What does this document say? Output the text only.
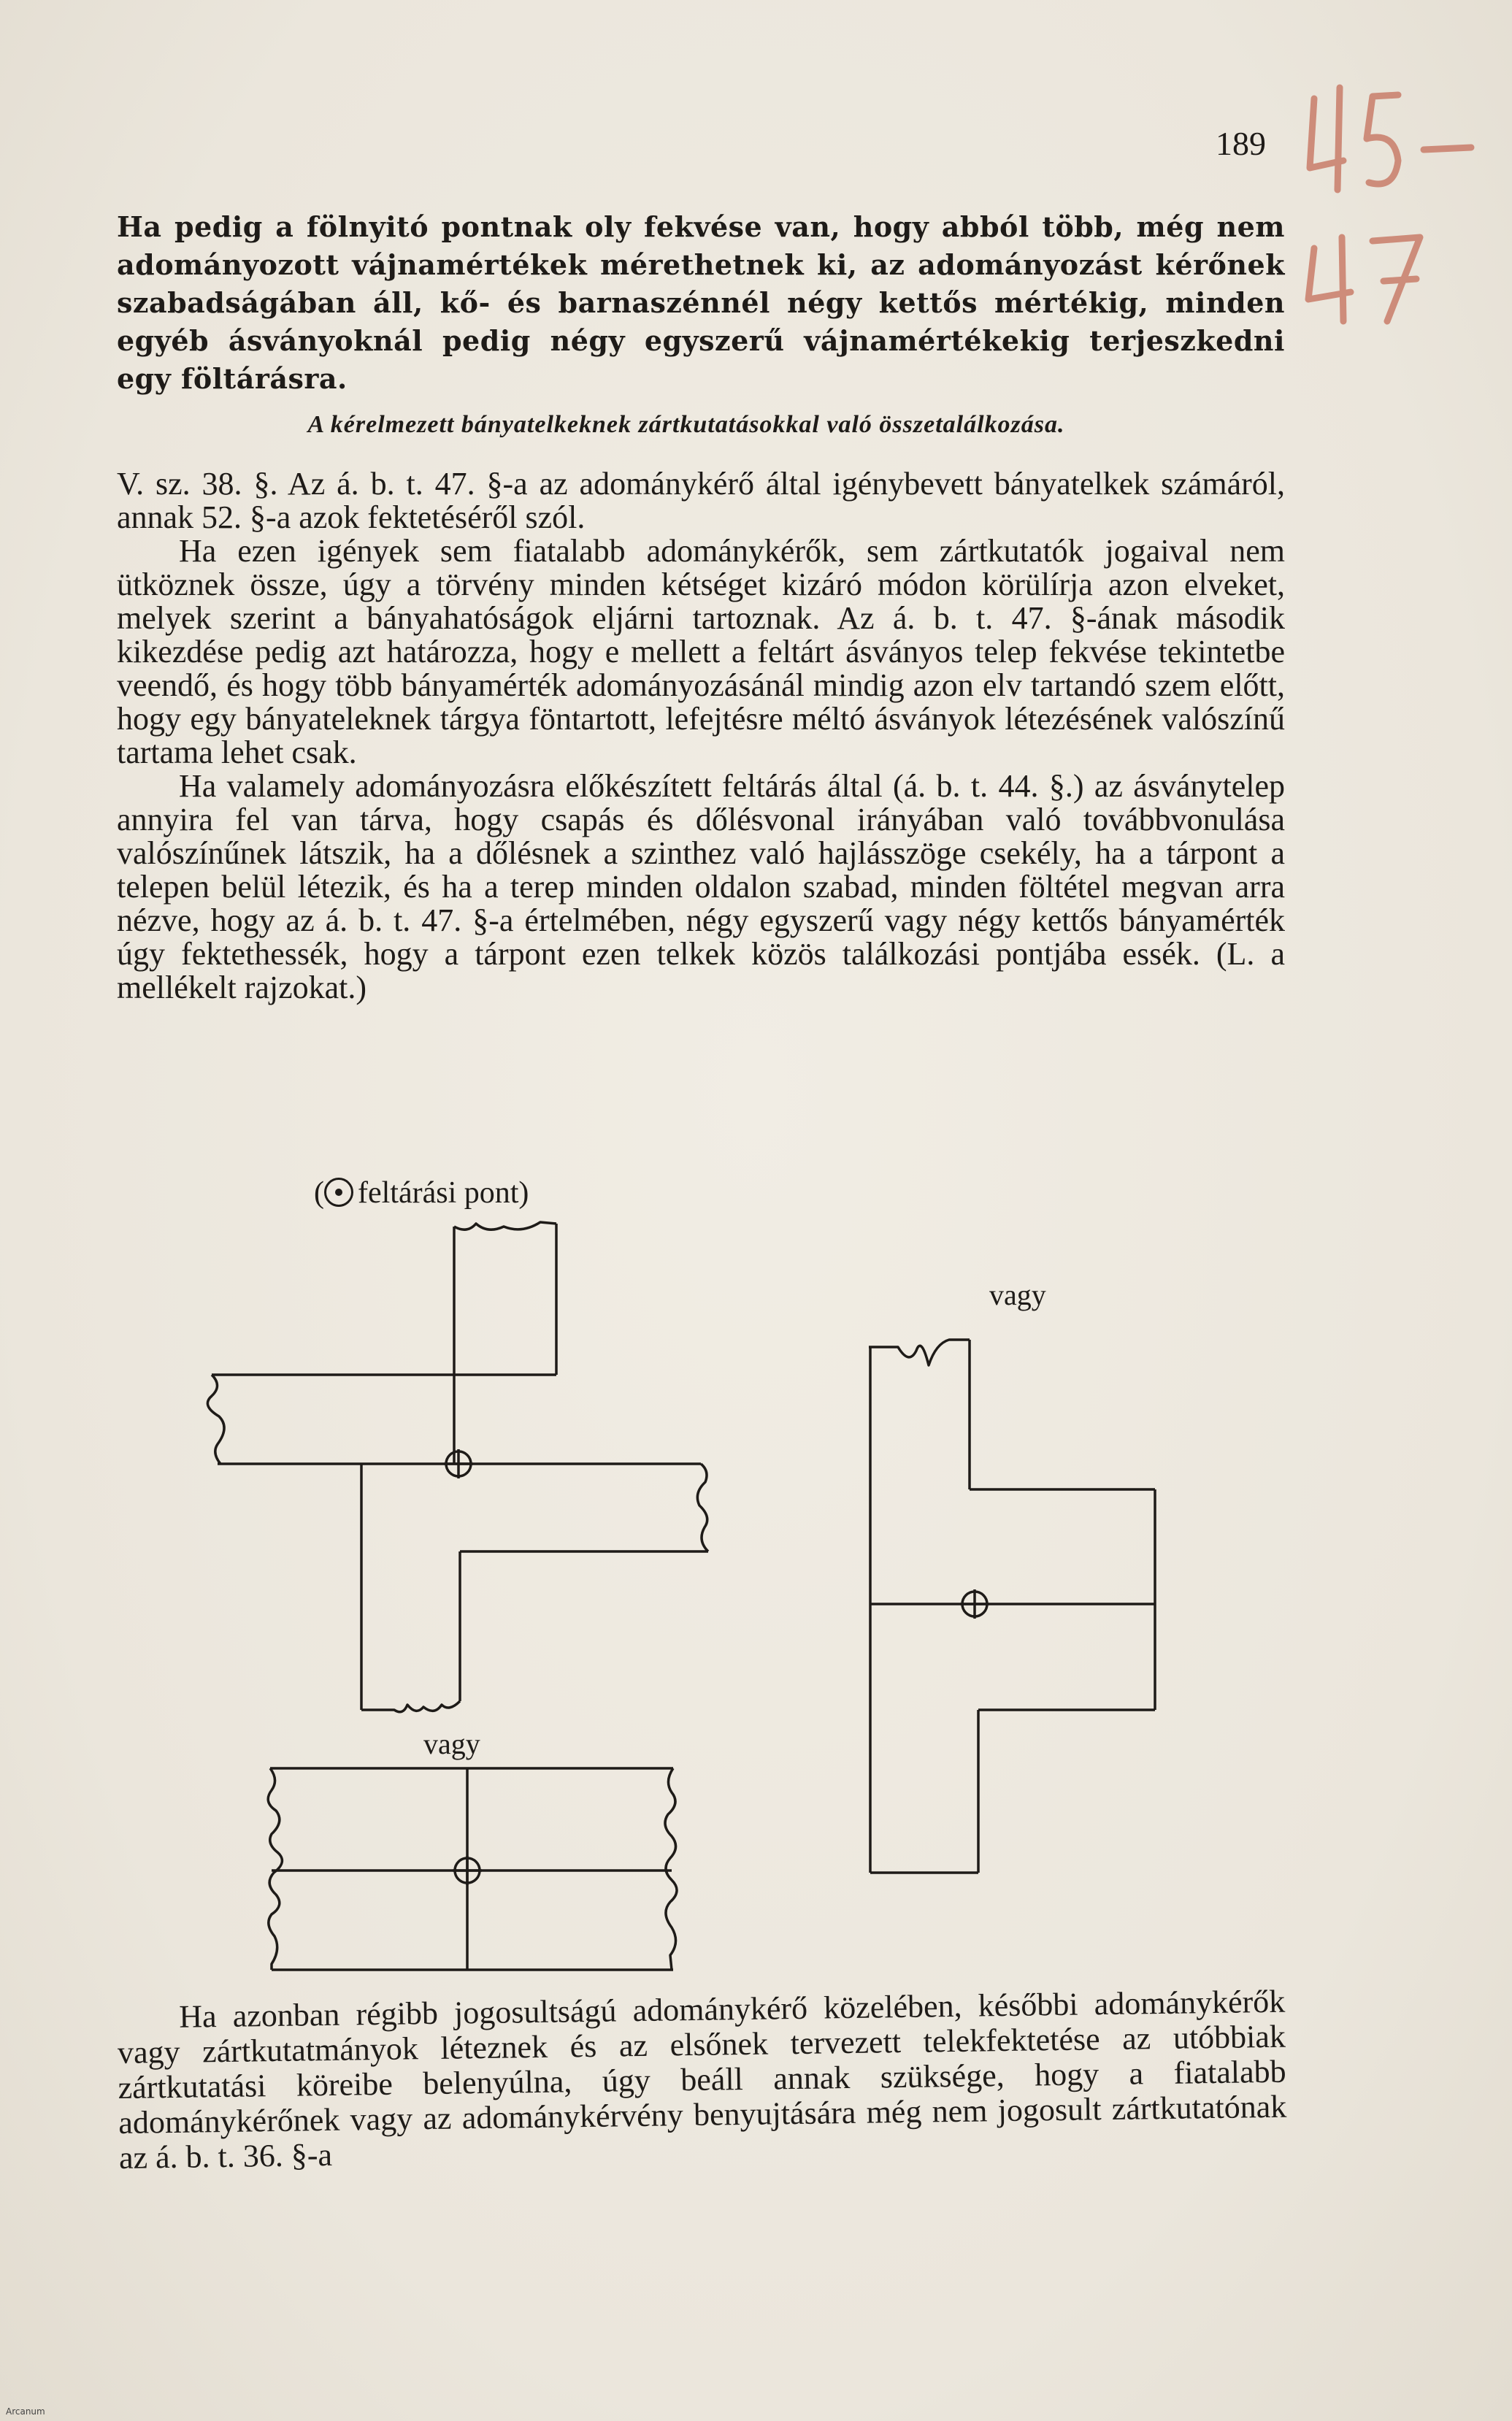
189
Ha pedig a fölnyitó pontnak oly fekvése van, hogy abból több, még nem adományozott vájnamértékek mérethetnek ki, az adományozást kérőnek szabadságában áll, kő- és barnaszénnél négy kettős mértékig, minden egyéb ásványoknál pedig négy egyszerű vájnamértékekig terjeszkedni egy föltárásra.
A kérelmezett bányatelkeknek zártkutatásokkal való összetalálkozása.

V. sz. 38. §. Az á. b. t. 47. §-a az adománykérő által igénybevett bányatelkek számáról, annak 52. §-a azok fektetéséről szól.

Ha ezen igények sem fiatalabb adománykérők, sem zártkutatók jogaival nem ütköznek össze, úgy a törvény minden kétséget kizáró módon körülírja azon elveket, melyek szerint a bányahatóságok eljárni tartoznak. Az á. b. t. 47. §-ának második kikezdése pedig azt határozza, hogy e mellett a feltárt ásványos telep fekvése tekintetbe veendő, és hogy több bányamérték adományozásánál mindig azon elv tartandó szem előtt, hogy egy bányateleknek tárgya föntartott, lefejtésre méltó ásványok létezésének valószínű tartama lehet csak.

Ha valamely adományozásra előkészített feltárás által (á. b. t. 44. §.) az ásványtelep annyira fel van tárva, hogy csapás és dőlésvonal irányában való továbbvonulása valószínűnek látszik, ha a dőlésnek a szinthez való hajlásszöge csekély, ha a tárpont a telepen belül létezik, és ha a terep minden oldalon szabad, minden föltétel megvan arra nézve, hogy az á. b. t. 47. §-a értelmében, négy egyszerű vagy négy kettős bányamérték úgy fektethessék, hogy a tárpont ezen telkek közös találkozási pontjába essék. (L. a mellékelt rajzokat.)

( feltárási pont)
vagy
vagy

Ha azonban régibb jogosultságú adománykérő közelében, későbbi adománykérők vagy zártkutatmányok léteznek és az elsőnek tervezett telekfektetése az utóbbiak zártkutatási köreibe belenyúlna, úgy beáll annak szüksége, hogy a fiatalabb adománykérőnek vagy az adománykérvény benyujtására még nem jogosult zártkutatónak az á. b. t. 36. §-a

Arcanum
